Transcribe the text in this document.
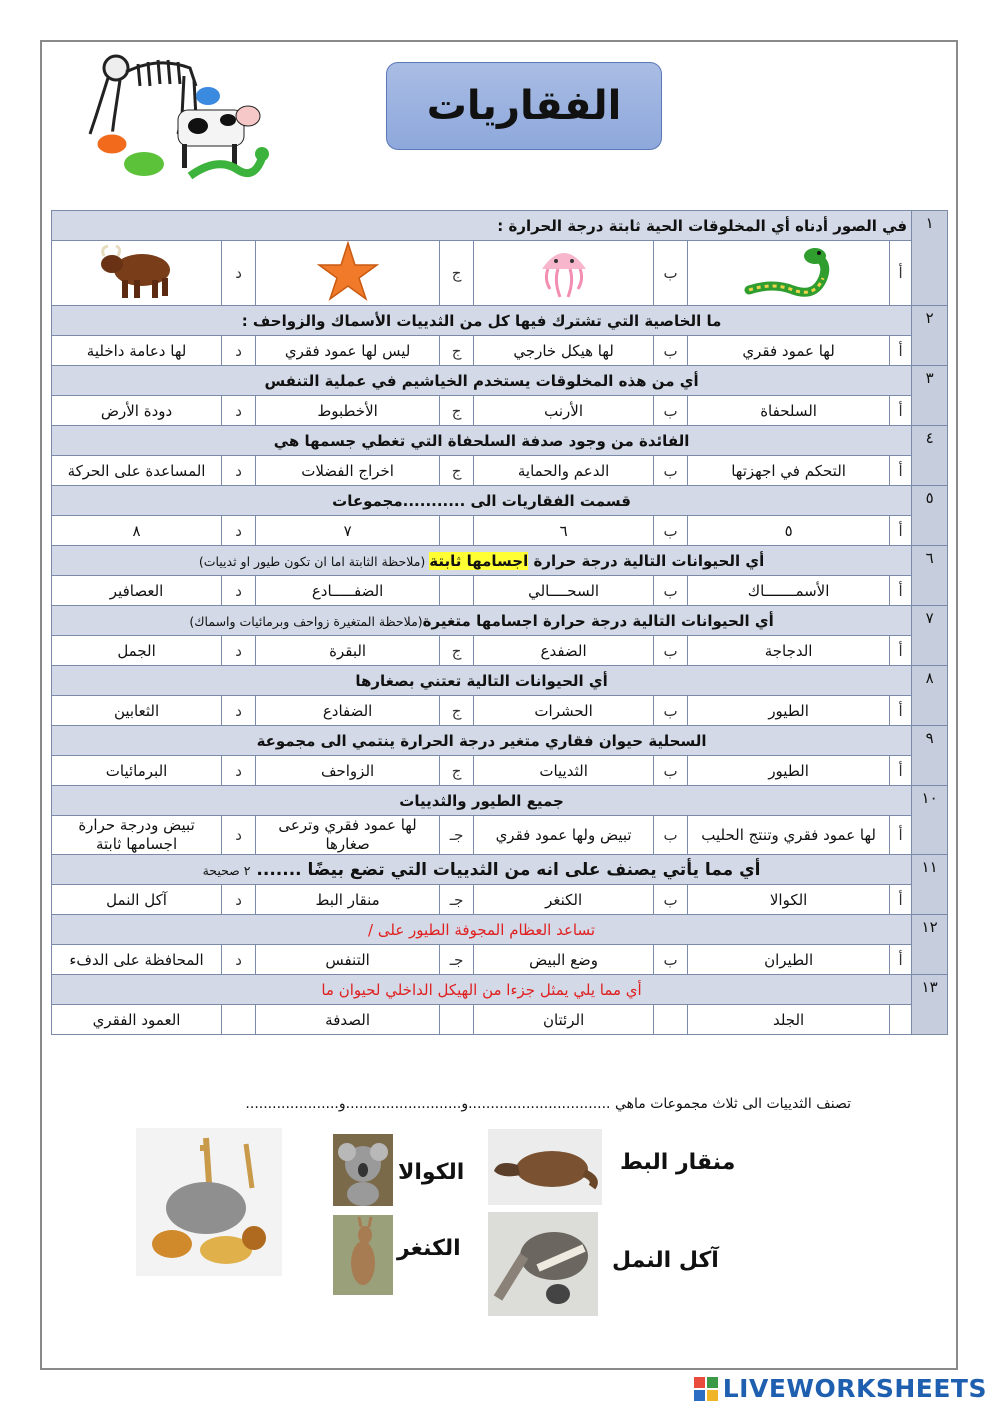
الفقاريات
١	في الصور أدناه أي المخلوقات الحية ثابتة درجة الحرارة :							
	أ		ب		ج		د	
٢	ما الخاصية التي تشترك فيها كل من الثدييات الأسماك والزواحف :							
	أ	لها عمود فقري	ب	لها هيكل خارجي	ج	ليس لها عمود فقري	د	لها دعامة داخلية
٣	أي من هذه المخلوقات يستخدم الخياشيم في عملية التنفس							
	أ	السلحفاة	ب	الأرنب	ج	الأخطبوط	د	دودة الأرض
٤	الفائدة من وجود صدفة السلحفاة التي تغطي جسمها هي							
	أ	التحكم في اجهزتها	ب	الدعم والحماية	ج	اخراج الفضلات	د	المساعدة على الحركة
٥	قسمت الفقاريات الى ...........مجموعات							
	أ	٥	ب	٦		٧	د	٨
٦	أي الحيوانات التالية درجة حرارة اجسامها ثابتة (ملاحظة الثابتة اما ان تكون طيور او ثدييات)							
	أ	الأسمـــــــاك	ب	السحــــالي		الضفـــــادع	د	العصافير
٧	أي الحيوانات التالية درجة حرارة اجسامها متغيرة(ملاحظة المتغيرة زواحف وبرمائيات واسماك)							
	أ	الدجاجة	ب	الضفدع	ج	البقرة	د	الجمل
٨	أي الحيوانات التالية تعتني بصغارها							
	أ	الطيور	ب	الحشرات	ج	الضفادع	د	الثعابين
٩	السحلية حيوان فقاري متغير درجة الحرارة ينتمي الى مجموعة							
	أ	الطيور	ب	الثدييات	ج	الزواحف	د	البرمائيات
١٠	جميع الطيور والثدييات							
	أ	لها عمود فقري وتنتج الحليب	ب	تبيض ولها عمود فقري	جـ	لها عمود فقري وترعى صغارها	د	تبيض ودرجة حرارة اجسامها ثابتة
١١	أي مما يأتي يصنف على انه من الثدييات التي تضع بيضًا ....... ٢ صحيحة							
	أ	الكوالا	ب	الكنغر	جـ	منقار البط	د	آكل النمل
١٢	تساعد العظام المجوفة الطيور على /							
	أ	الطيران	ب	وضع البيض	جـ	التنفس	د	المحافظة على الدفء
١٣	أي مما يلي يمثل جزءا من الهيكل الداخلي لحيوان ما							
		الجلد		الرئتان		الصدفة		العمود الفقري
تصنف الثدييات الى ثلاث مجموعات ماهي ................................و..........................و.....................
الكوالا
الكنغر
منقار البط
آكل النمل
LIVEWORKSHEETS
